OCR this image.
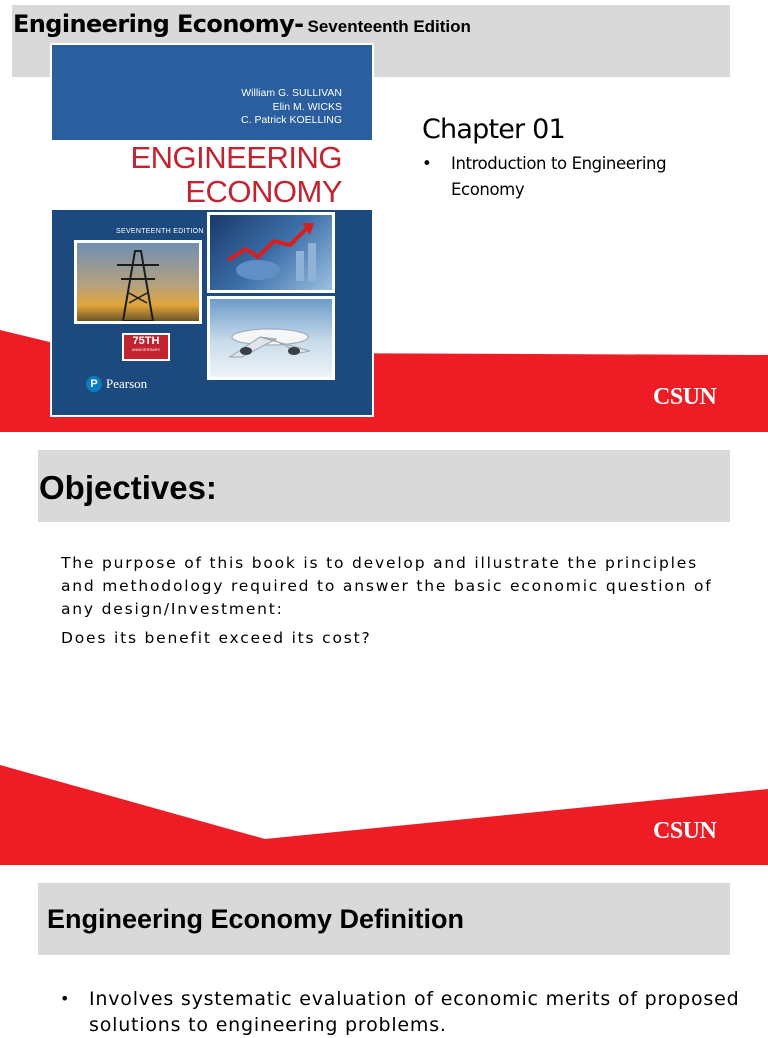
Engineering Economy- Seventeenth Edition
William G. SULLIVAN
Elin M. WICKS
C. Patrick KOELLING
ENGINEERING
ECONOMY
SEVENTEENTH EDITION
75TH
ANNIVERSARY
P Pearson
Chapter 01
• Introduction to Engineering Economy
CSUN
CSUN
Objectives:

The purpose of this book is to develop and illustrate the principles and methodology required to answer the basic economic question of any design/Investment:

Does its benefit exceed its cost?

Engineering Economy Definition
• Involves systematic evaluation of economic merits of proposed solutions to engineering problems.
